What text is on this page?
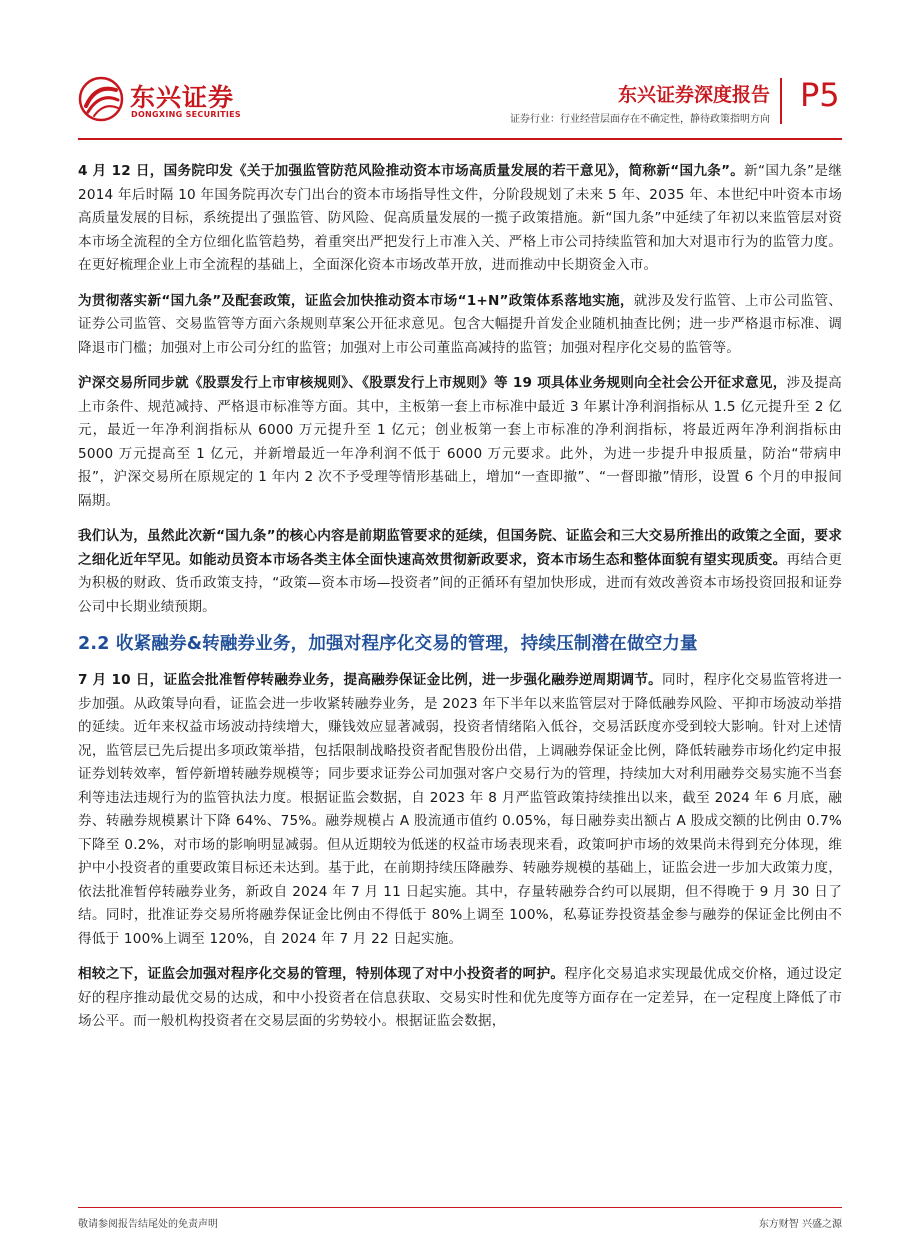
东兴证券
DONGXING SECURITIES
东兴证券深度报告
证券行业：行业经营层面存在不确定性，静待政策指明方向
P5

4 月 12 日，国务院印发《关于加强监管防范风险推动资本市场高质量发展的若干意见》，简称新“国九条”。新“国九条”是继 2014 年后时隔 10 年国务院再次专门出台的资本市场指导性文件，分阶段规划了未来 5 年、2035 年、本世纪中叶资本市场高质量发展的目标，系统提出了强监管、防风险、促高质量发展的一揽子政策措施。新“国九条”中延续了年初以来监管层对资本市场全流程的全方位细化监管趋势，着重突出严把发行上市准入关、严格上市公司持续监管和加大对退市行为的监管力度。在更好梳理企业上市全流程的基础上，全面深化资本市场改革开放，进而推动中长期资金入市。

为贯彻落实新“国九条”及配套政策，证监会加快推动资本市场“1+N”政策体系落地实施，就涉及发行监管、上市公司监管、证券公司监管、交易监管等方面六条规则草案公开征求意见。包含大幅提升首发企业随机抽查比例；进一步严格退市标准、调降退市门槛；加强对上市公司分红的监管；加强对上市公司董监高减持的监管；加强对程序化交易的监管等。

沪深交易所同步就《股票发行上市审核规则》、《股票发行上市规则》等 19 项具体业务规则向全社会公开征求意见，涉及提高上市条件、规范减持、严格退市标准等方面。其中，主板第一套上市标准中最近 3 年累计净利润指标从 1.5 亿元提升至 2 亿元，最近一年净利润指标从 6000 万元提升至 1 亿元；创业板第一套上市标准的净利润指标，将最近两年净利润指标由 5000 万元提高至 1 亿元，并新增最近一年净利润不低于 6000 万元要求。此外，为进一步提升申报质量，防治“带病申报”，沪深交易所在原规定的 1 年内 2 次不予受理等情形基础上，增加“一查即撤”、“一督即撤”情形，设置 6 个月的申报间隔期。

我们认为，虽然此次新“国九条”的核心内容是前期监管要求的延续，但国务院、证监会和三大交易所推出的政策之全面，要求之细化近年罕见。如能动员资本市场各类主体全面快速高效贯彻新政要求，资本市场生态和整体面貌有望实现质变。再结合更为积极的财政、货币政策支持，“政策—资本市场—投资者”间的正循环有望加快形成，进而有效改善资本市场投资回报和证券公司中长期业绩预期。

2.2 收紧融券&转融券业务，加强对程序化交易的管理，持续压制潜在做空力量

7 月 10 日，证监会批准暂停转融券业务，提高融券保证金比例，进一步强化融券逆周期调节。同时，程序化交易监管将进一步加强。从政策导向看，证监会进一步收紧转融券业务，是 2023 年下半年以来监管层对于降低融券风险、平抑市场波动举措的延续。近年来权益市场波动持续增大，赚钱效应显著减弱，投资者情绪陷入低谷，交易活跃度亦受到较大影响。针对上述情况，监管层已先后提出多项政策举措，包括限制战略投资者配售股份出借，上调融券保证金比例，降低转融券市场化约定申报证券划转效率，暂停新增转融券规模等；同步要求证券公司加强对客户交易行为的管理，持续加大对利用融券交易实施不当套利等违法违规行为的监管执法力度。根据证监会数据，自 2023 年 8 月严监管政策持续推出以来，截至 2024 年 6 月底，融券、转融券规模累计下降 64%、75%。融券规模占 A 股流通市值约 0.05%，每日融券卖出额占 A 股成交额的比例由 0.7%下降至 0.2%，对市场的影响明显减弱。但从近期较为低迷的权益市场表现来看，政策呵护市场的效果尚未得到充分体现，维护中小投资者的重要政策目标还未达到。基于此，在前期持续压降融券、转融券规模的基础上，证监会进一步加大政策力度，依法批准暂停转融券业务，新政自 2024 年 7 月 11 日起实施。其中，存量转融券合约可以展期，但不得晚于 9 月 30 日了结。同时，批准证券交易所将融券保证金比例由不得低于 80%上调至 100%，私募证券投资基金参与融券的保证金比例由不得低于 100%上调至 120%，自 2024 年 7 月 22 日起实施。

相较之下，证监会加强对程序化交易的管理，特别体现了对中小投资者的呵护。程序化交易追求实现最优成交价格，通过设定好的程序推动最优交易的达成，和中小投资者在信息获取、交易实时性和优先度等方面存在一定差异，在一定程度上降低了市场公平。而一般机构投资者在交易层面的劣势较小。根据证监会数据，

敬请参阅报告结尾处的免责声明	东方财智 兴盛之源
